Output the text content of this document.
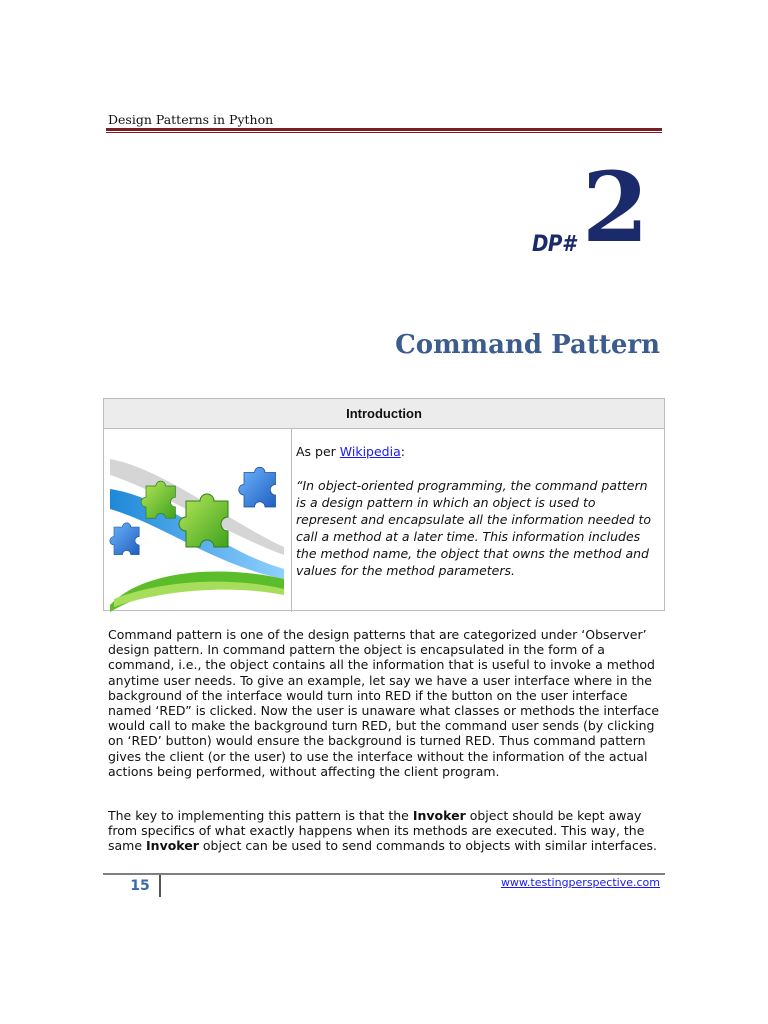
Design Patterns in Python
DP# 2
Command Pattern
Introduction

As per Wikipedia:

“In object-oriented programming, the command pattern is a design pattern in which an object is used to represent and encapsulate all the information needed to call a method at a later time. This information includes the method name, the object that owns the method and values for the method parameters.

Command pattern is one of the design patterns that are categorized under ‘Observer’ design pattern. In command pattern the object is encapsulated in the form of a command, i.e., the object contains all the information that is useful to invoke a method anytime user needs. To give an example, let say we have a user interface where in the background of the interface would turn into RED if the button on the user interface named ‘RED” is clicked. Now the user is unaware what classes or methods the interface would call to make the background turn RED, but the command user sends (by clicking on ‘RED’ button) would ensure the background is turned RED. Thus command pattern gives the client (or the user) to use the interface without the information of the actual actions being performed, without affecting the client program.

The key to implementing this pattern is that the Invoker object should be kept away from specifics of what exactly happens when its methods are executed. This way, the same Invoker object can be used to send commands to objects with similar interfaces.

15	www.testingperspective.com
